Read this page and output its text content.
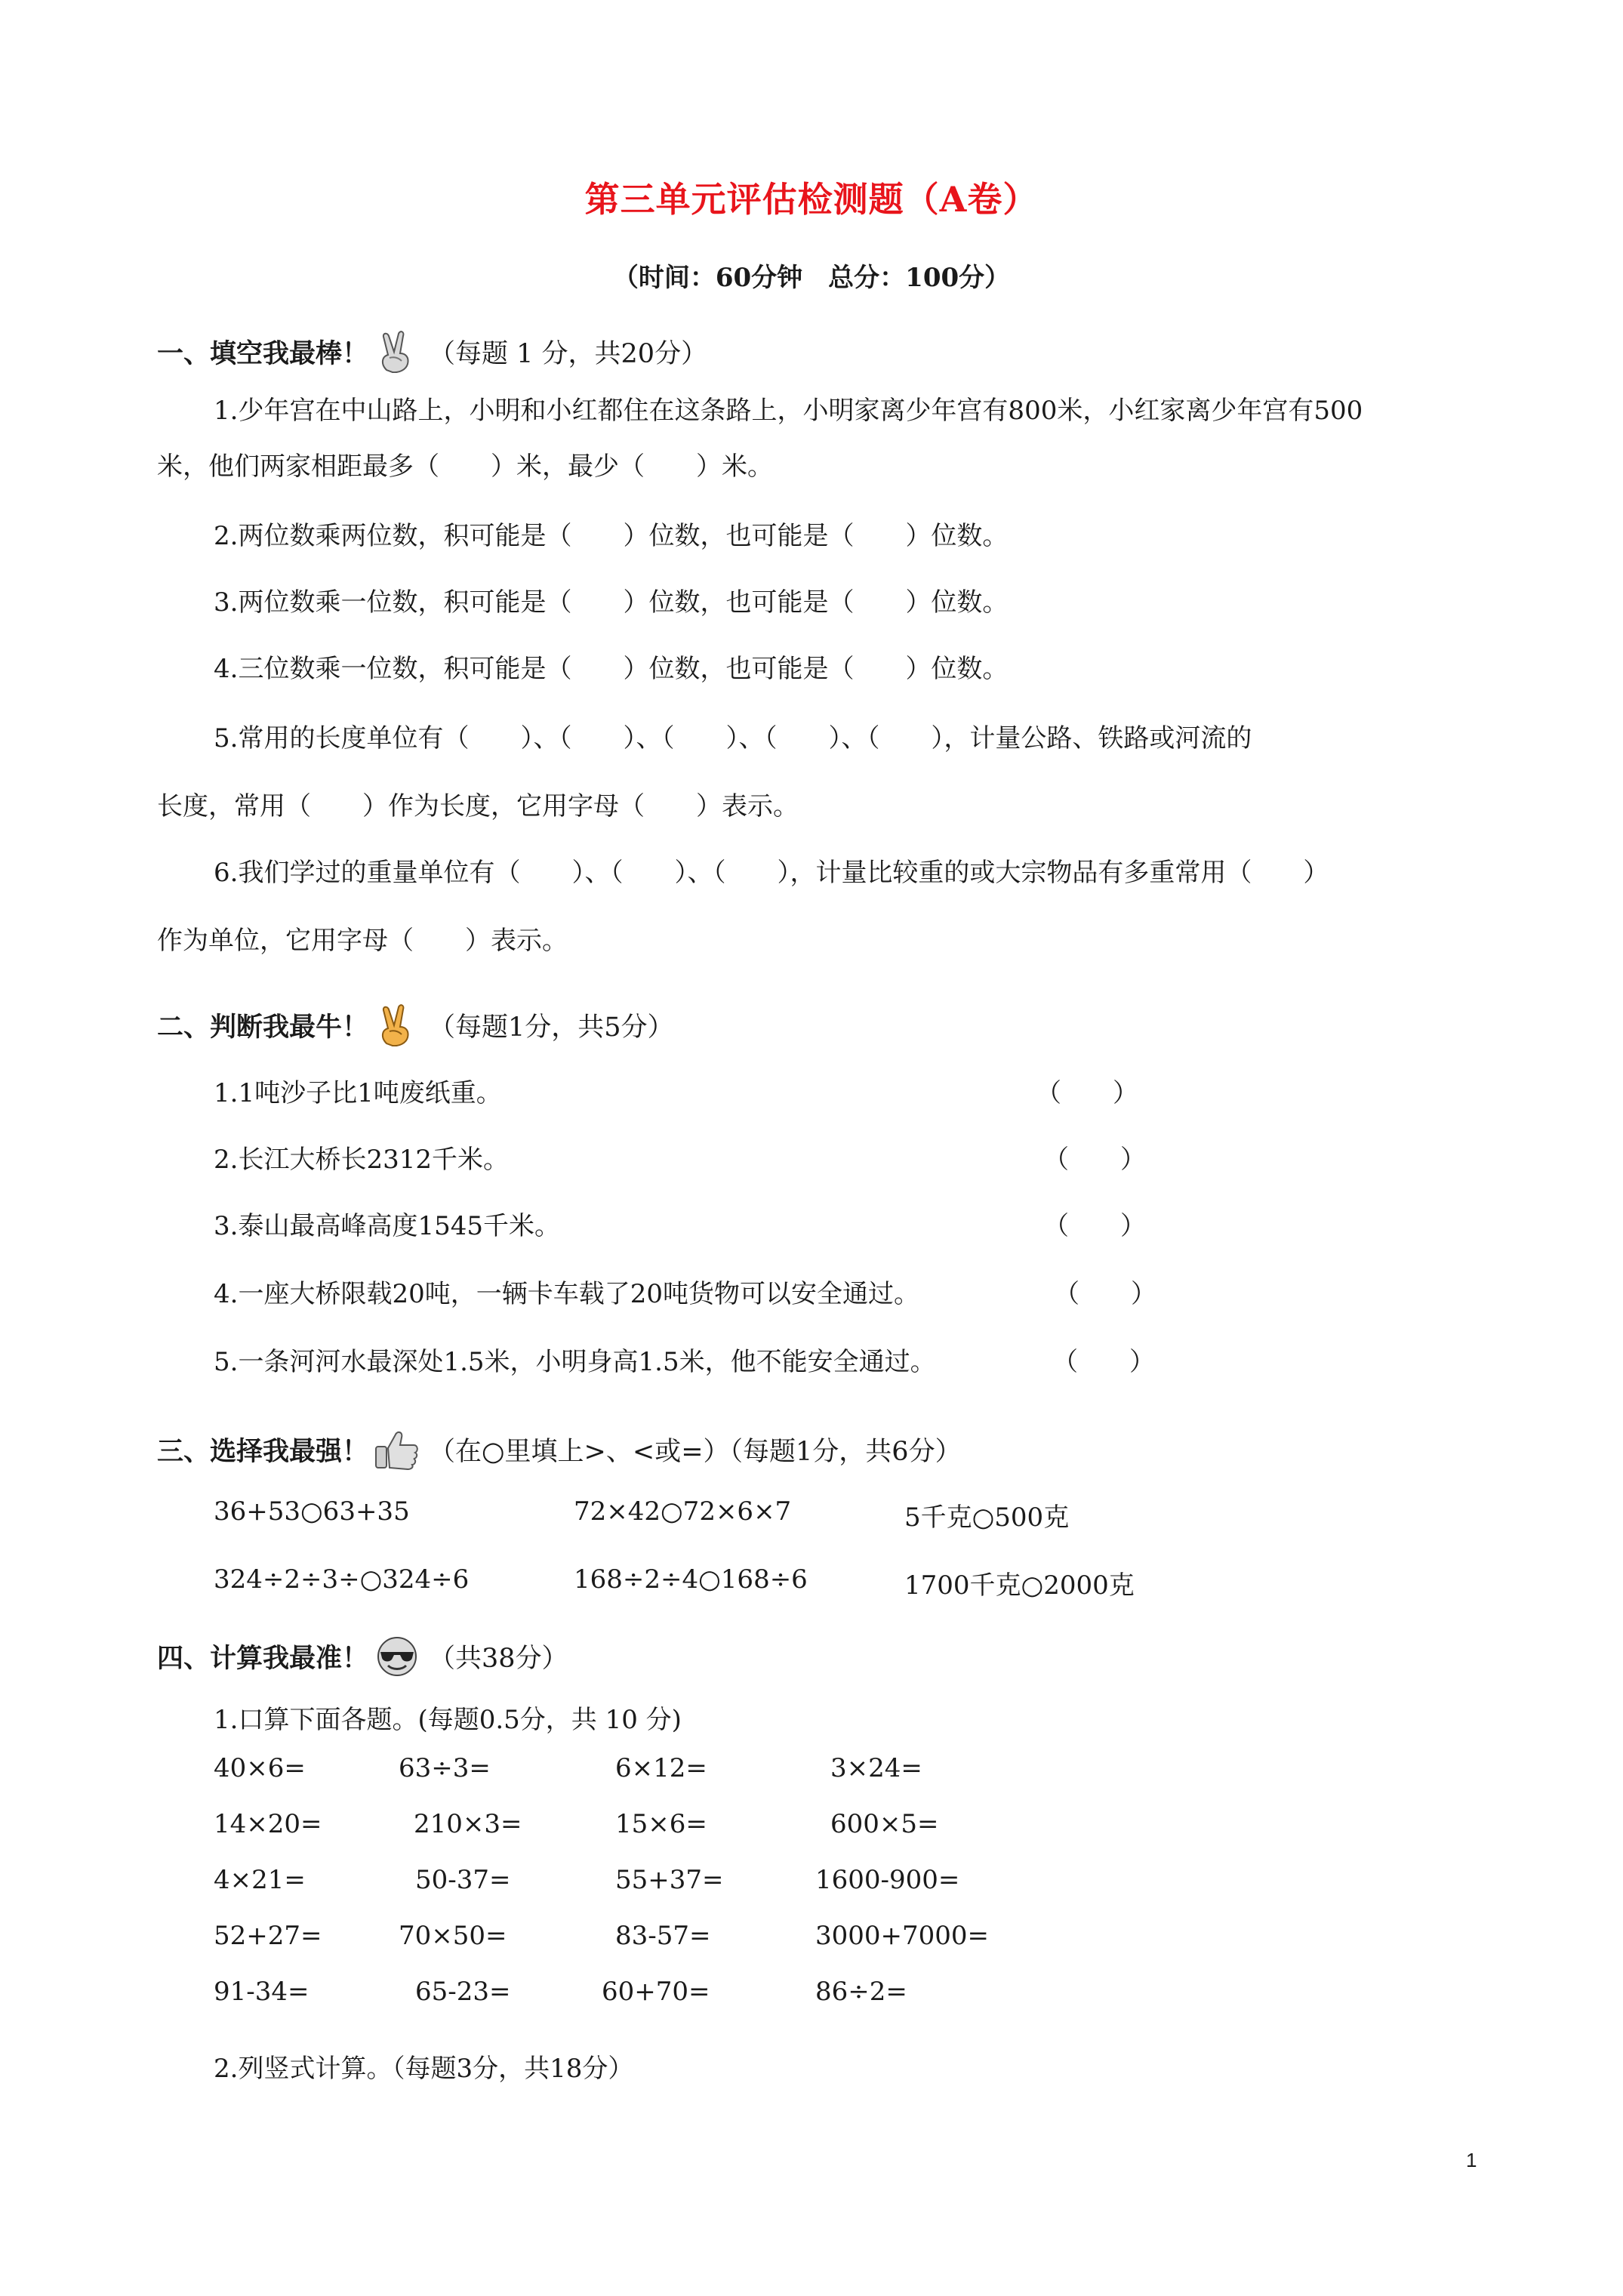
第三单元评估检测题（A卷）
（时间：60分钟　总分：100分）
一、填空我最棒！ （每题 1 分，共20分）
1.少年宫在中山路上，小明和小红都住在这条路上，小明家离少年宫有800米，小红家离少年宫有500
米，他们两家相距最多（　　）米，最少（　　）米。
2.两位数乘两位数，积可能是（　　）位数，也可能是（　　）位数。
3.两位数乘一位数，积可能是（　　）位数，也可能是（　　）位数。
4.三位数乘一位数，积可能是（　　）位数，也可能是（　　）位数。
5.常用的长度单位有（　　）、（　　）、（　　）、（　　）、（　　），计量公路、铁路或河流的
长度，常用（　　）作为长度，它用字母（　　）表示。
6.我们学过的重量单位有（　　）、（　　）、（　　），计量比较重的或大宗物品有多重常用（　　）
作为单位，它用字母（　　）表示。
二、判断我最牛！ （每题1分，共5分）
1.1吨沙子比1吨废纸重。	（　　）
2.长江大桥长2312千米。	（　　）
3.泰山最高峰高度1545千米。	（　　）
4.一座大桥限载20吨，一辆卡车载了20吨货物可以安全通过。	（　　）
5.一条河河水最深处1.5米，小明身高1.5米，他不能安全通过。	（　　）
三、选择我最强！ （在○里填上>、<或=）（每题1分，共6分）
36+53○63+35	72×42○72×6×7	5千克○500克
324÷2÷3÷○324÷6	168÷2÷4○168÷6	1700千克○2000克
四、计算我最准！ （共38分）
1.口算下面各题。(每题0.5分，共 10 分)
40×6=	63÷3=	6×12=	3×24=
14×20=	210×3=	15×6=	600×5=
4×21=	50-37=	55+37=	1600-900=
52+27=	70×50=	83-57=	3000+7000=
91-34=	65-23=	60+70=	86÷2=
2.列竖式计算。（每题3分，共18分）
1
